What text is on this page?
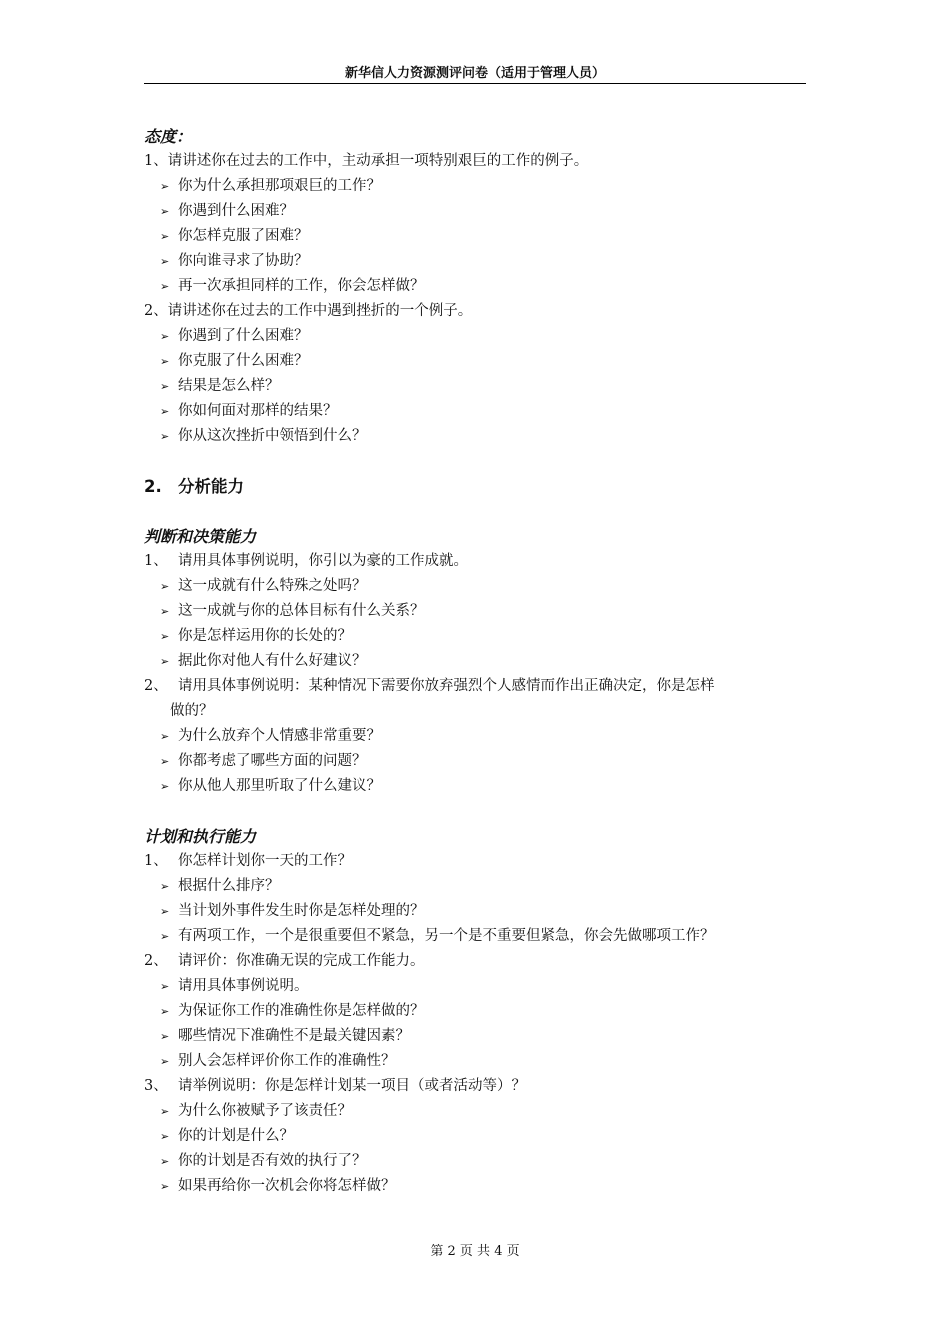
新华信人力资源测评问卷（适用于管理人员）
态度：
1、请讲述你在过去的工作中，主动承担一项特别艰巨的工作的例子。
➢ 你为什么承担那项艰巨的工作？
➢ 你遇到什么困难？
➢ 你怎样克服了困难？
➢ 你向谁寻求了协助？
➢ 再一次承担同样的工作，你会怎样做？
2、请讲述你在过去的工作中遇到挫折的一个例子。
➢ 你遇到了什么困难？
➢ 你克服了什么困难？
➢ 结果是怎么样？
➢ 你如何面对那样的结果？
➢ 你从这次挫折中领悟到什么？
2. 分析能力
判断和决策能力
1、 请用具体事例说明，你引以为豪的工作成就。
➢ 这一成就有什么特殊之处吗？
➢ 这一成就与你的总体目标有什么关系？
➢ 你是怎样运用你的长处的？
➢ 据此你对他人有什么好建议？
2、 请用具体事例说明：某种情况下需要你放弃强烈个人感情而作出正确决定，你是怎样
做的？
➢ 为什么放弃个人情感非常重要？
➢ 你都考虑了哪些方面的问题？
➢ 你从他人那里听取了什么建议？
计划和执行能力
1、 你怎样计划你一天的工作？
➢ 根据什么排序？
➢ 当计划外事件发生时你是怎样处理的？
➢ 有两项工作，一个是很重要但不紧急，另一个是不重要但紧急，你会先做哪项工作？
2、 请评价：你准确无误的完成工作能力。
➢ 请用具体事例说明。
➢ 为保证你工作的准确性你是怎样做的？
➢ 哪些情况下准确性不是最关键因素？
➢ 别人会怎样评价你工作的准确性？
3、 请举例说明：你是怎样计划某一项目（或者活动等）？
➢ 为什么你被赋予了该责任？
➢ 你的计划是什么？
➢ 你的计划是否有效的执行了？
➢ 如果再给你一次机会你将怎样做？
第 2 页 共 4 页
